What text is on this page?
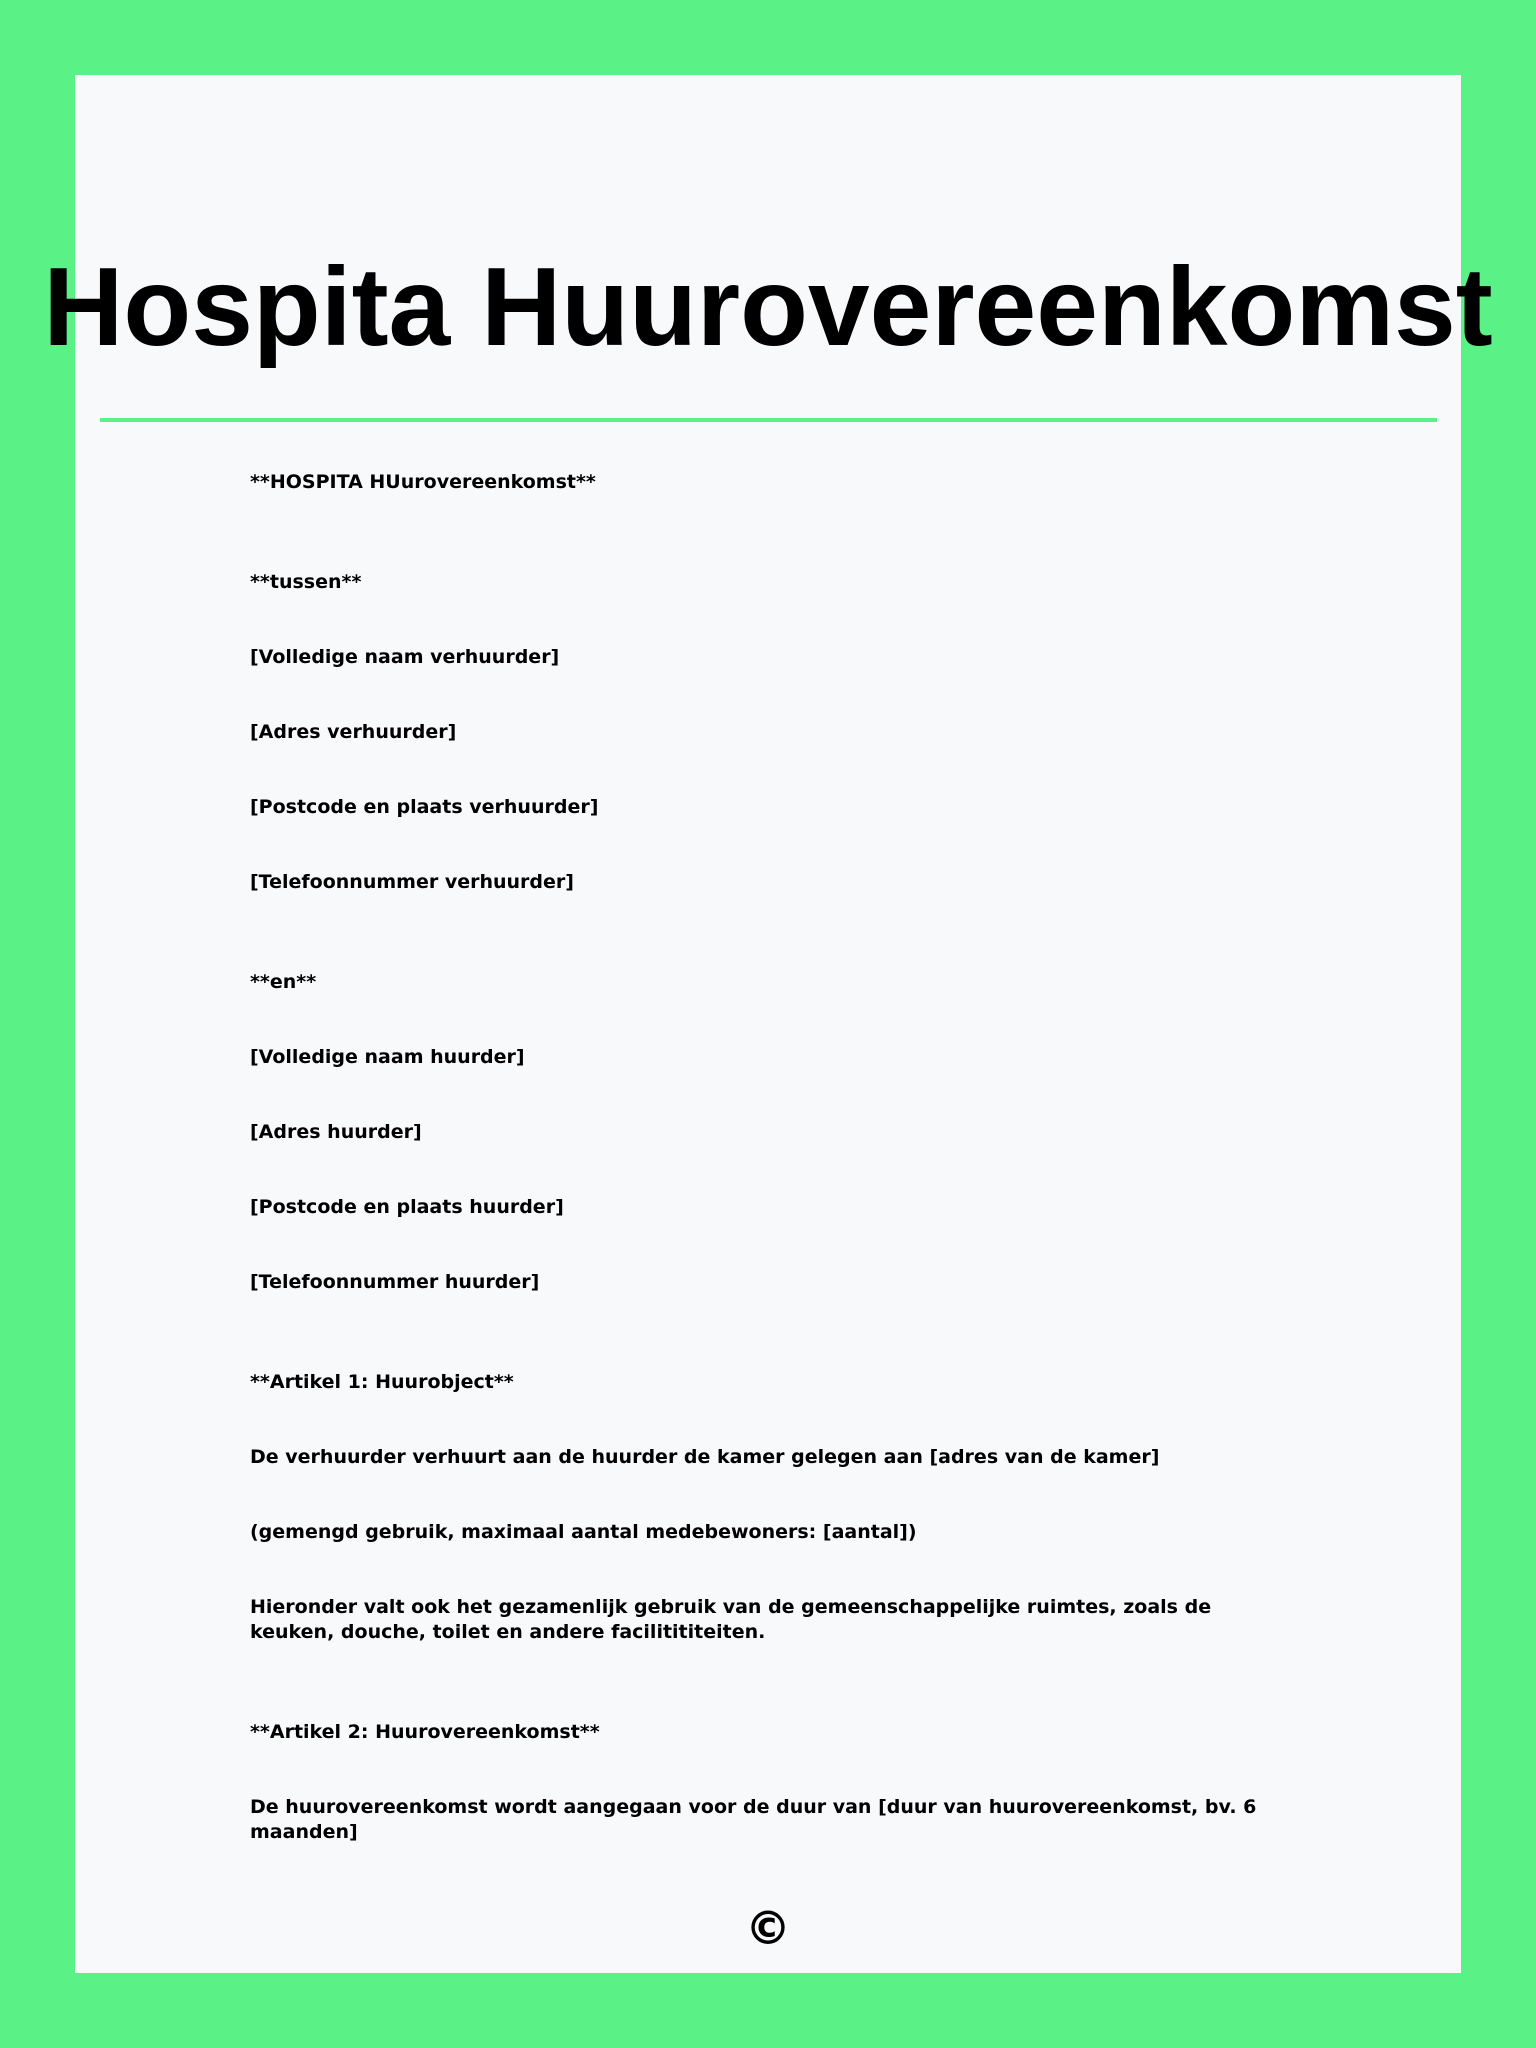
Hospita Huurovereenkomst

**HOSPITA HUurovereenkomst**

**tussen**

[Volledige naam verhuurder]

[Adres verhuurder]

[Postcode en plaats verhuurder]

[Telefoonnummer verhuurder]

**en**

[Volledige naam huurder]

[Adres huurder]

[Postcode en plaats huurder]

[Telefoonnummer huurder]

**Artikel 1: Huurobject**

De verhuurder verhuurt aan de huurder de kamer gelegen aan [adres van de kamer]

(gemengd gebruik, maximaal aantal medebewoners: [aantal])

Hieronder valt ook het gezamenlijk gebruik van de gemeenschappelijke ruimtes, zoals de keuken, douche, toilet en andere facilitititeiten.

**Artikel 2: Huurovereenkomst**

De huurovereenkomst wordt aangegaan voor de duur van [duur van huurovereenkomst, bv. 6 maanden]

©
